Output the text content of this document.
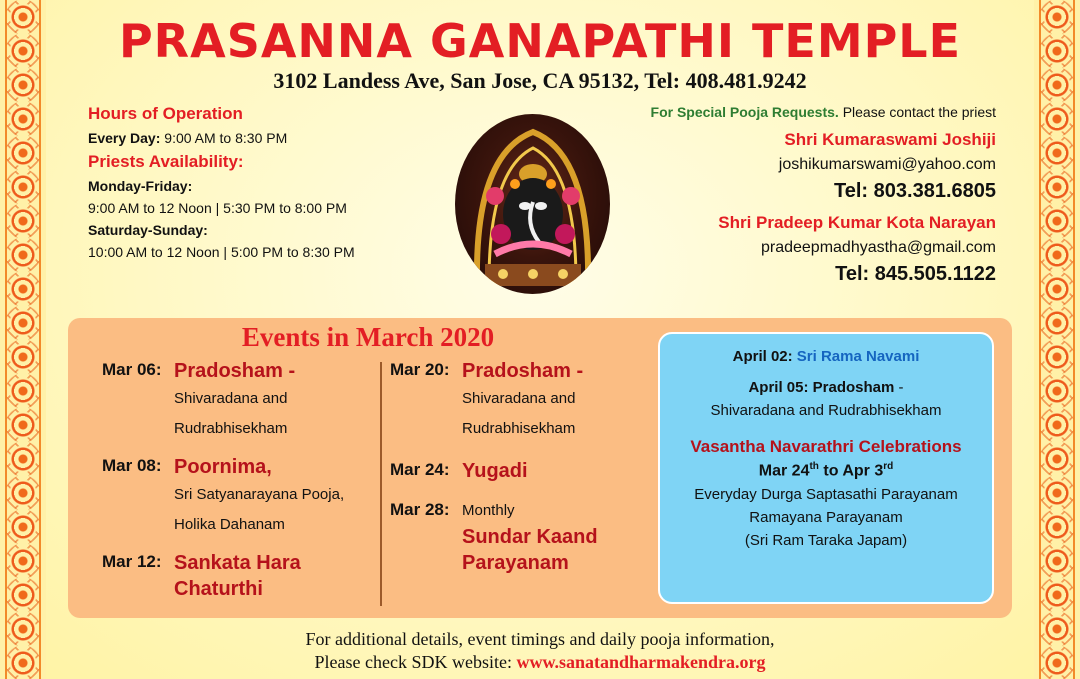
PRASANNA GANAPATHI TEMPLE
3102 Landess Ave, San Jose, CA 95132, Tel: 408.481.9242
Hours of Operation
Every Day: 9:00 AM to 8:30 PM
Priests Availability:
Monday-Friday:
9:00 AM to 12 Noon | 5:30 PM to 8:00 PM
Saturday-Sunday:
10:00 AM to 12 Noon | 5:00 PM to 8:30 PM
For Special Pooja Requests. Please contact the priest
Shri Kumaraswami Joshiji
joshikumarswami@yahoo.com
Tel: 803.381.6805
Shri Pradeep Kumar Kota Narayan
pradeepmadhyastha@gmail.com
Tel: 845.505.1122
Events in March 2020
Mar 06: Pradosham -
Shivaradana and
Rudrabhisekham
Mar 08: Poornima,
Sri Satyanarayana Pooja,
Holika Dahanam
Mar 12: Sankata Hara
Chaturthi
Mar 20: Pradosham -
Shivaradana and
Rudrabhisekham
Mar 24: Yugadi
Mar 28: Monthly
Sundar Kaand
Parayanam
April 02: Sri Rama Navami
April 05: Pradosham -
Shivaradana and Rudrabhisekham
Vasantha Navarathri Celebrations
Mar 24th to Apr 3rd
Everyday Durga Saptasathi Parayanam
Ramayana Parayanam
(Sri Ram Taraka Japam)
For additional details, event timings and daily pooja information,
Please check SDK website: www.sanatandharmakendra.org
